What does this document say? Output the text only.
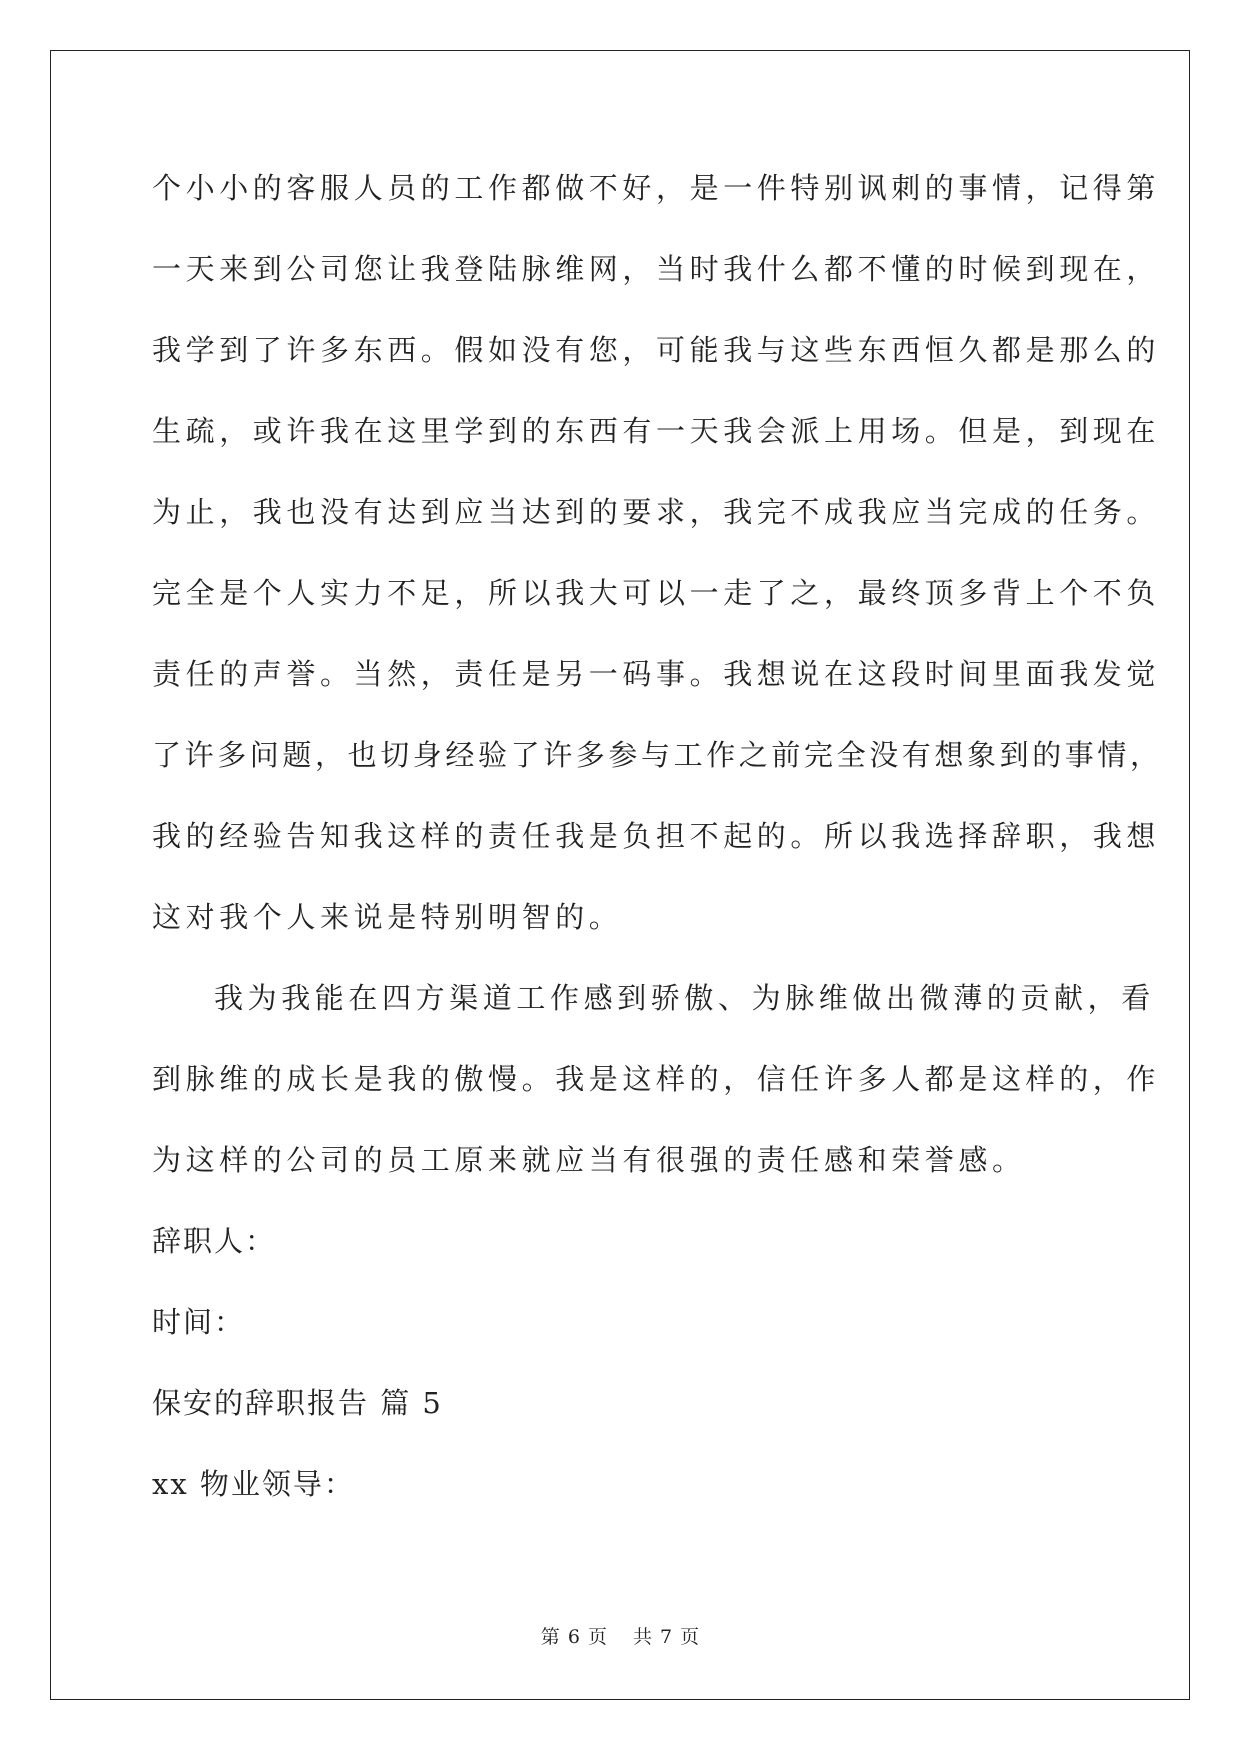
个小小的客服人员的工作都做不好，是一件特别讽刺的事情，记得第
一天来到公司您让我登陆脉维网，当时我什么都不懂的时候到现在，
我学到了许多东西。假如没有您，可能我与这些东西恒久都是那么的
生疏，或许我在这里学到的东西有一天我会派上用场。但是，到现在
为止，我也没有达到应当达到的要求，我完不成我应当完成的任务。
完全是个人实力不足，所以我大可以一走了之，最终顶多背上个不负
责任的声誉。当然，责任是另一码事。我想说在这段时间里面我发觉
了许多问题，也切身经验了许多参与工作之前完全没有想象到的事情，
我的经验告知我这样的责任我是负担不起的。所以我选择辞职，我想
这对我个人来说是特别明智的。
我为我能在四方渠道工作感到骄傲、为脉维做出微薄的贡献，看
到脉维的成长是我的傲慢。我是这样的，信任许多人都是这样的，作
为这样的公司的员工原来就应当有很强的责任感和荣誉感。
辞职人：
时间：
保安的辞职报告 篇 5
xx 物业领导：
第 6 页 共 7 页
